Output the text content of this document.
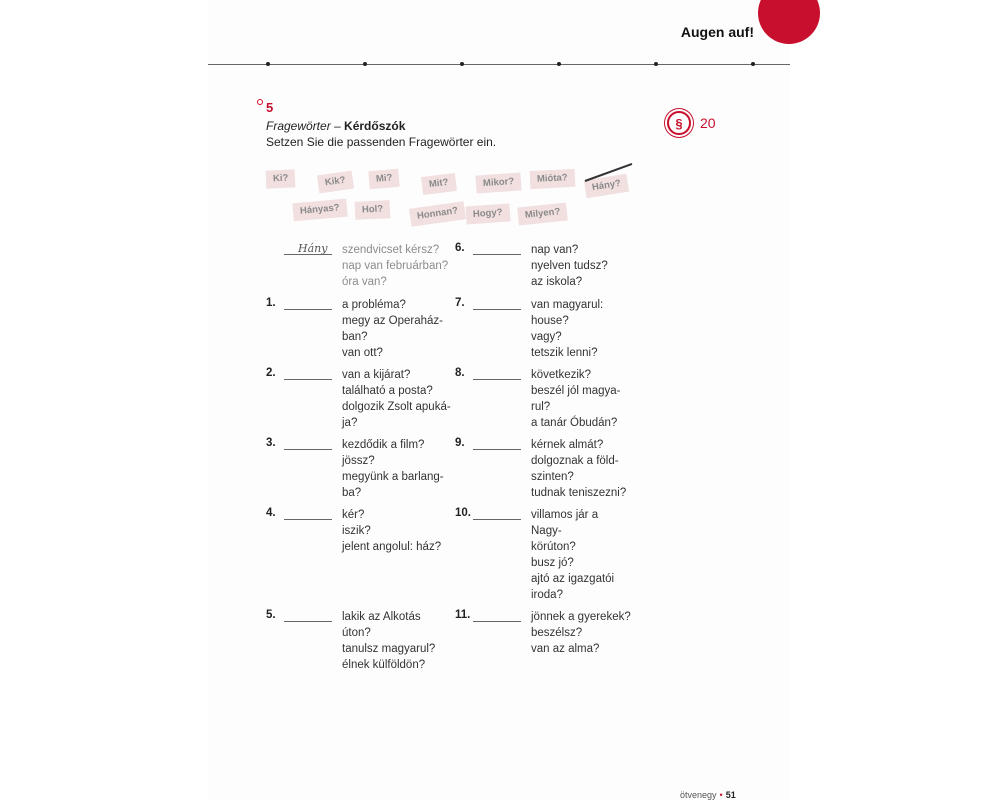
Augen auf!
5
Fragewörter – Kérdőszók
Setzen Sie die passenden Fragewörter ein.
§	20
Ki?	Kik?	Mi?	Mit?	Mikor?	Mióta?	Hány?
Hányas?	Hol?	Honnan?	Hogy?	Milyen?
szendvicset kérsz?
nap van februárban?
óra van?
Hány
1.	a probléma?
megy az Operaház-
ban?
van ott?
2.	van a kijárat?
található a posta?
dolgozik Zsolt apuká-
ja?
3.	kezdődik a film?
jössz?
megyünk a barlang-
ba?
4.	kér?
iszik?
jelent angolul: ház?
5.	lakik az Alkotás
úton?
tanulsz magyarul?
élnek külföldön?
6.	nap van?
nyelven tudsz?
az iskola?
7.	van magyarul:
house?
vagy?
tetszik lenni?
8.	következik?
beszél jól magya-
rul?
a tanár Óbudán?
9.	kérnek almát?
dolgoznak a föld-
szinten?
tudnak teniszezni?
10.	villamos jár a
Nagy-
körúton?
busz jó?
ajtó az igazgatói
iroda?
11.	jönnek a gyerekek?
beszélsz?
van az alma?
ötvenegy • 51
